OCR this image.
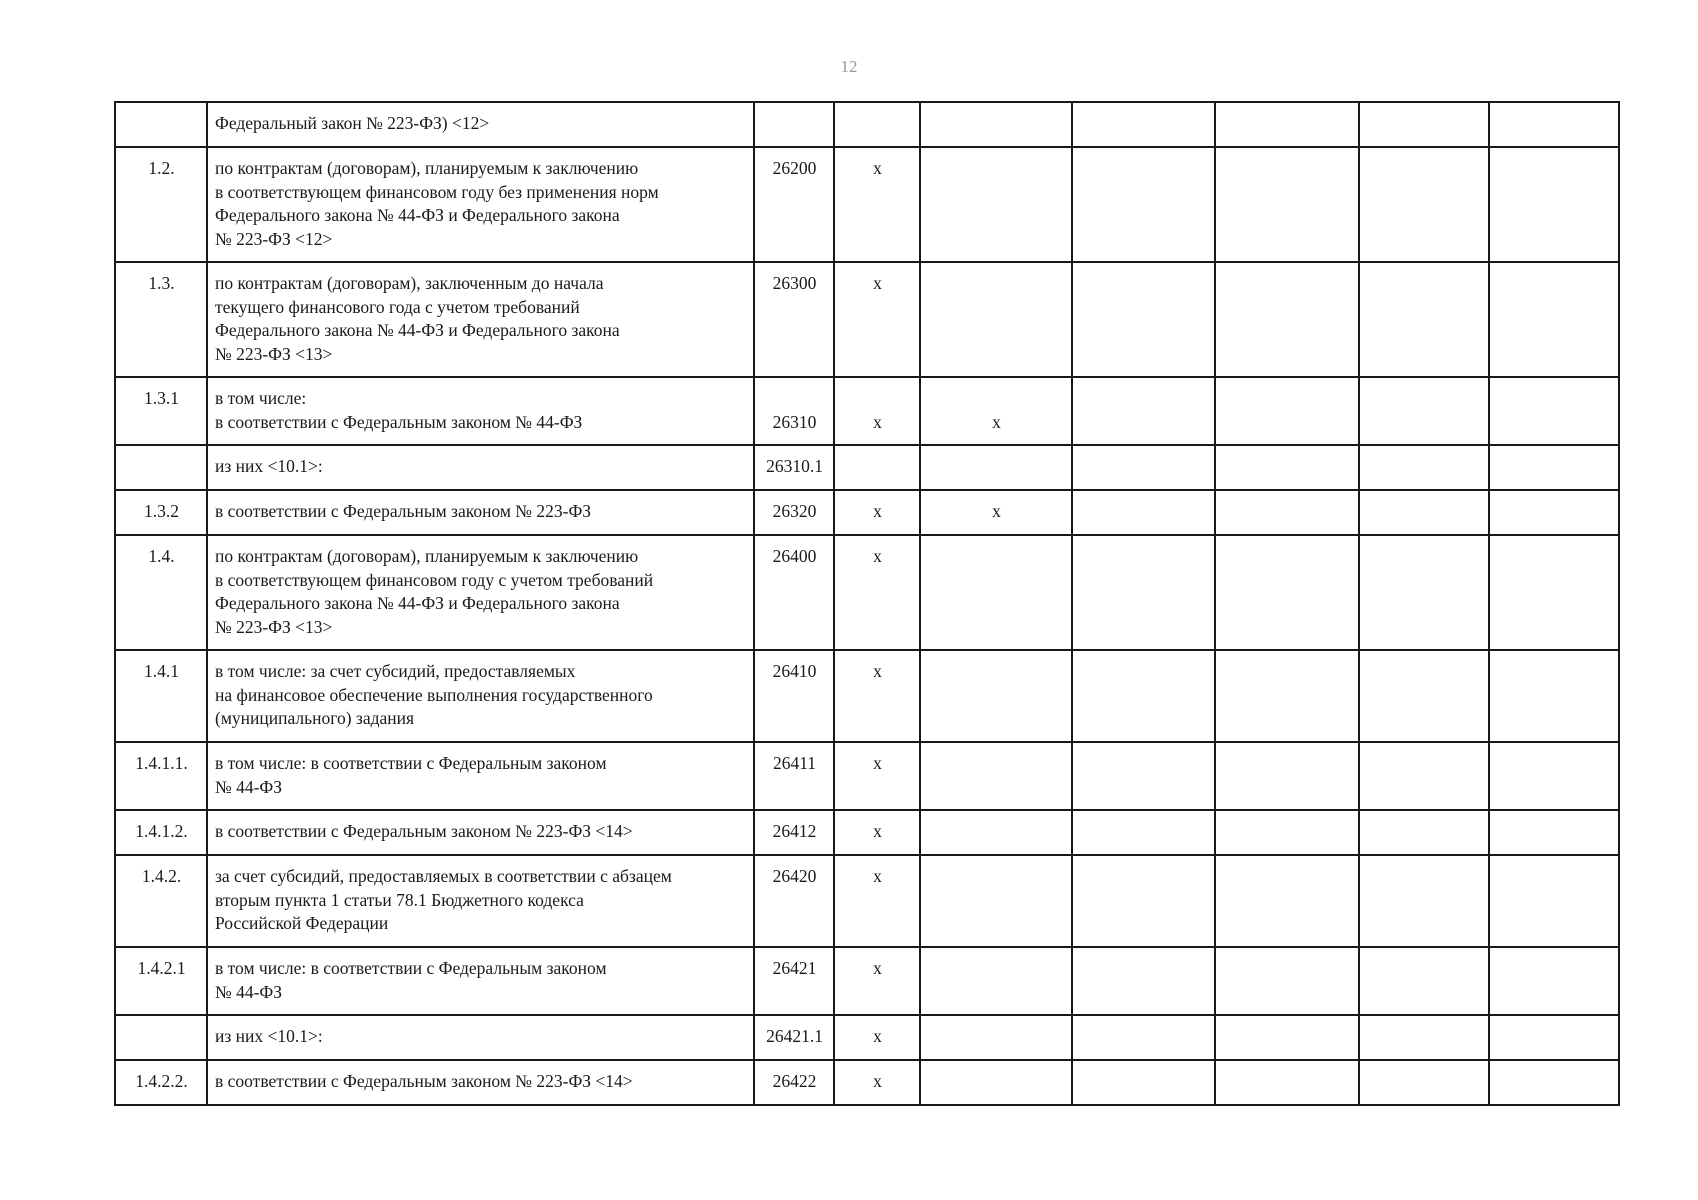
12

	Федеральный закон № 223-ФЗ) <12>							

1.2.	по контрактам (договорам), планируемым к заключению
в соответствующем финансовом году без применения норм
Федерального закона № 44-ФЗ и Федерального закона
№ 223-ФЗ <12>	26200	x					
1.3.	по контрактам (договорам), заключенным до начала
текущего финансового года с учетом требований
Федерального закона № 44-ФЗ и Федерального закона
№ 223-ФЗ <13>	26300	x					
1.3.1	в том числе:
в соответствии с Федеральным законом № 44-ФЗ	26310	x	x				

	из них <10.1>:	26310.1						
1.3.2	в соответствии с Федеральным законом № 223-ФЗ	26320	x	x				
1.4.	по контрактам (договорам), планируемым к заключению
в соответствующем финансовом году с учетом требований
Федерального закона № 44-ФЗ и Федерального закона
№ 223-ФЗ <13>	26400	x					
1.4.1	в том числе: за счет субсидий, предоставляемых
на финансовое обеспечение выполнения государственного
(муниципального) задания	26410	x					
1.4.1.1.	в том числе: в соответствии с Федеральным законом
№ 44-ФЗ	26411	x					
1.4.1.2.	в соответствии с Федеральным законом № 223-ФЗ <14>	26412	x					
1.4.2.	за счет субсидий, предоставляемых в соответствии с абзацем
вторым пункта 1 статьи 78.1 Бюджетного кодекса
Российской Федерации	26420	x					
1.4.2.1	в том числе: в соответствии с Федеральным законом
№ 44-ФЗ	26421	x					

	из них <10.1>:	26421.1	x					
1.4.2.2.	в соответствии с Федеральным законом № 223-ФЗ <14>	26422	x					
